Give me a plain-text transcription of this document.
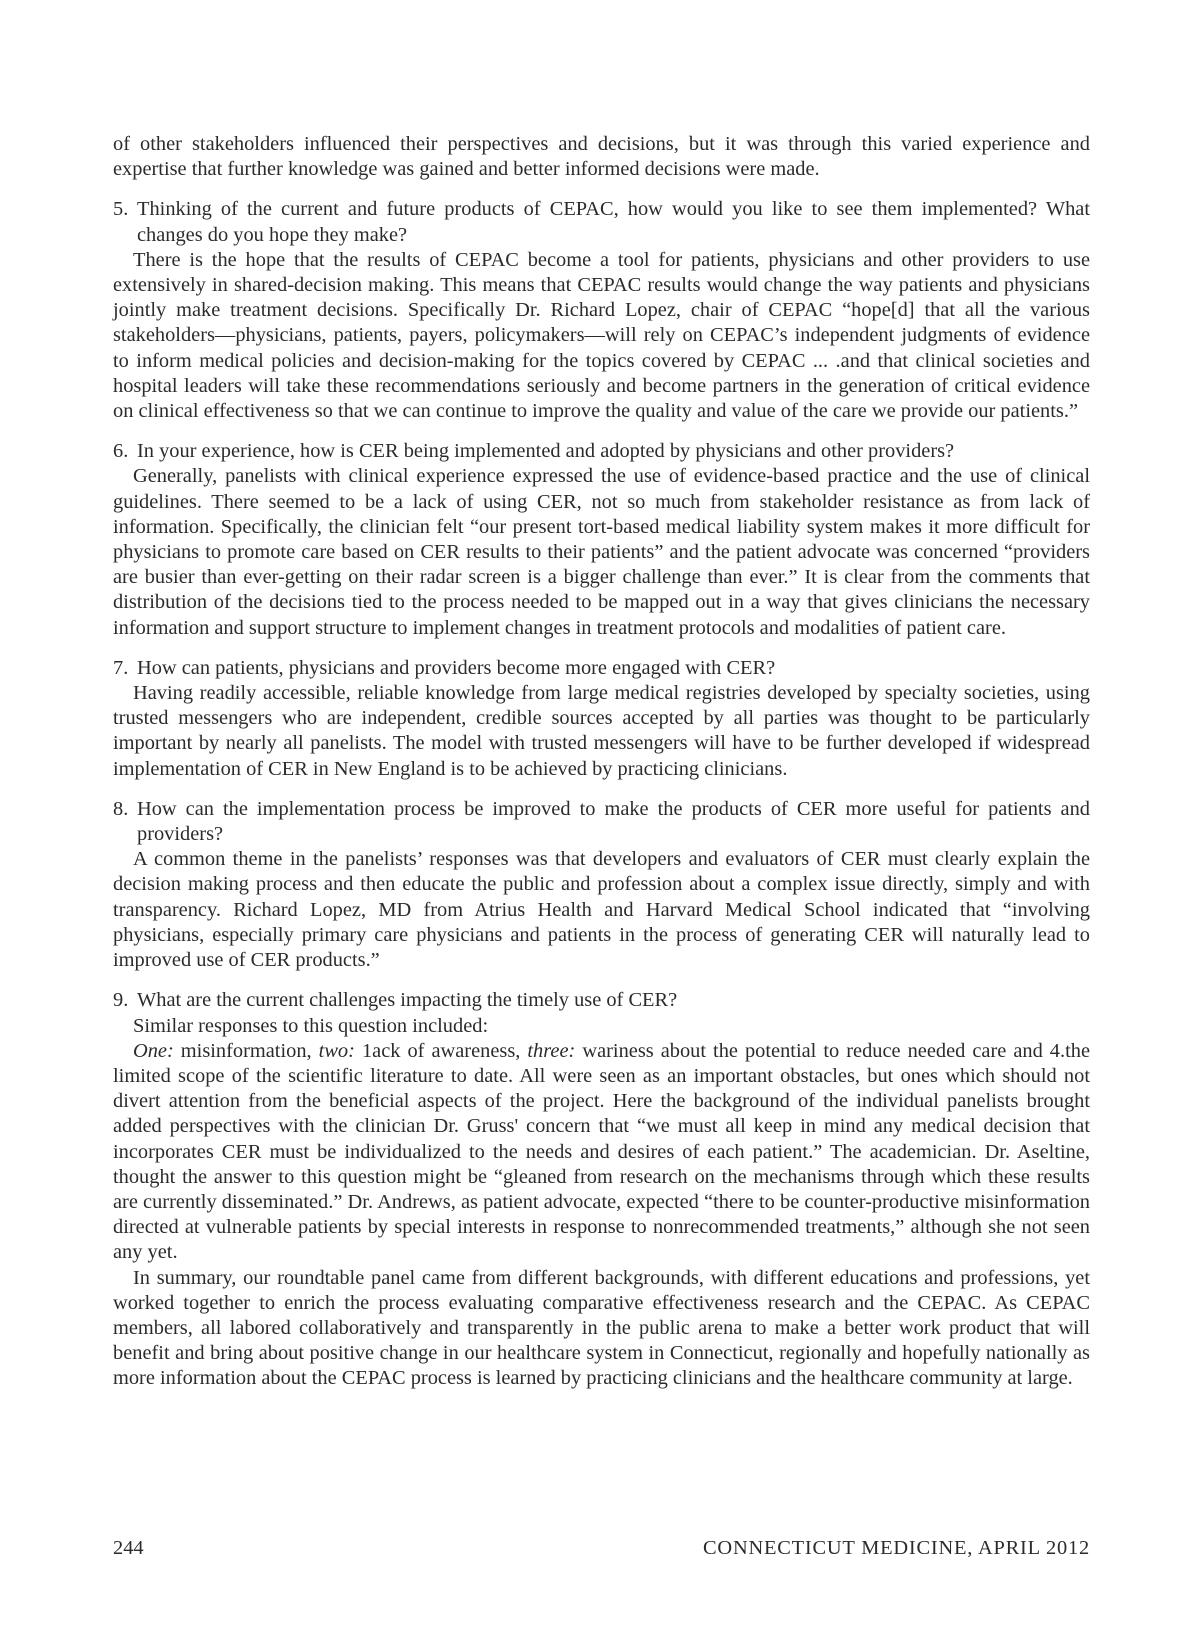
of other stakeholders influenced their perspectives and decisions, but it was through this varied experience and expertise that further knowledge was gained and better informed decisions were made.

5. Thinking of the current and future products of CEPAC, how would you like to see them implemented? What changes do you hope they make?

There is the hope that the results of CEPAC become a tool for patients, physicians and other providers to use extensively in shared-decision making. This means that CEPAC results would change the way patients and physicians jointly make treatment decisions. Specifically Dr. Richard Lopez, chair of CEPAC “hope[d] that all the various stakeholders—physicians, patients, payers, policymakers—will rely on CEPAC’s independent judgments of evidence to inform medical policies and decision-making for the topics covered by CEPAC ... .and that clinical societies and hospital leaders will take these recommendations seriously and become partners in the generation of critical evidence on clinical effectiveness so that we can continue to improve the quality and value of the care we provide our patients.”

6. In your experience, how is CER being implemented and adopted by physicians and other providers?

Generally, panelists with clinical experience expressed the use of evidence-based practice and the use of clinical guidelines. There seemed to be a lack of using CER, not so much from stakeholder resistance as from lack of information. Specifically, the clinician felt “our present tort-based medical liability system makes it more difficult for physicians to promote care based on CER results to their patients” and the patient advocate was concerned “providers are busier than ever-getting on their radar screen is a bigger challenge than ever.” It is clear from the comments that distribution of the decisions tied to the process needed to be mapped out in a way that gives clinicians the necessary information and support structure to implement changes in treatment protocols and modalities of patient care.

7. How can patients, physicians and providers become more engaged with CER?

Having readily accessible, reliable knowledge from large medical registries developed by specialty societies, using trusted messengers who are independent, credible sources accepted by all parties was thought to be particularly important by nearly all panelists. The model with trusted messengers will have to be further developed if widespread implementation of CER in New England is to be achieved by practicing clinicians.

8. How can the implementation process be improved to make the products of CER more useful for patients and providers?

A common theme in the panelists’ responses was that developers and evaluators of CER must clearly explain the decision making process and then educate the public and profession about a complex issue directly, simply and with transparency. Richard Lopez, MD from Atrius Health and Harvard Medical School indicated that “involving physicians, especially primary care physicians and patients in the process of generating CER will naturally lead to improved use of CER products.”

9. What are the current challenges impacting the timely use of CER?

Similar responses to this question included:

One: misinformation, two: 1ack of awareness, three: wariness about the potential to reduce needed care and 4.the limited scope of the scientific literature to date. All were seen as an important obstacles, but ones which should not divert attention from the beneficial aspects of the project. Here the background of the individual panelists brought added perspectives with the clinician Dr. Gruss' concern that “we must all keep in mind any medical decision that incorporates CER must be individualized to the needs and desires of each patient.” The academician. Dr. Aseltine, thought the answer to this question might be “gleaned from research on the mechanisms through which these results are currently disseminated.” Dr. Andrews, as patient advocate, expected “there to be counter-productive misinformation directed at vulnerable patients by special interests in response to nonrecommended treatments,” although she not seen any yet.

In summary, our roundtable panel came from different backgrounds, with different educations and professions, yet worked together to enrich the process evaluating comparative effectiveness research and the CEPAC. As CEPAC members, all labored collaboratively and transparently in the public arena to make a better work product that will benefit and bring about positive change in our healthcare system in Connecticut, regionally and hopefully nationally as more information about the CEPAC process is learned by practicing clinicians and the healthcare community at large.

244	CONNECTICUT MEDICINE, APRIL 2012
